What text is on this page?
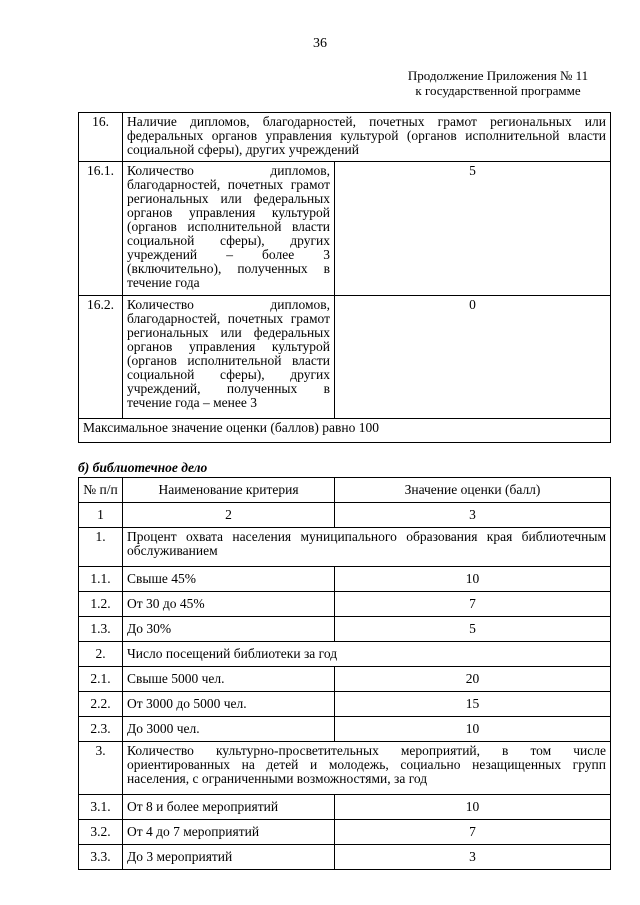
36
Продолжение Приложения № 11
к государственной программе
16.	Наличие дипломов, благодарностей, почетных грамот региональных или федеральных органов управления культурой (органов исполнительной власти социальной сферы), других учреждений	
16.1.	Количество дипломов, благодарностей, почетных грамот региональных или федеральных органов управления культурой (органов исполнительной власти социальной сферы), других учреждений – более 3 (включительно), полученных в течение года	5
16.2.	Количество дипломов, благодарностей, почетных грамот региональных или федеральных органов управления культурой (органов исполнительной власти социальной сферы), других учреждений, полученных в течение года – менее 3	0
Максимальное значение оценки (баллов) равно 100		
б) библиотечное дело
№ п/п	Наименование критерия	Значение оценки (балл)
1	2	3
1.	Процент охвата населения муниципального образования края библиотечным обслуживанием	
1.1.	Свыше 45%	10
1.2.	От 30 до 45%	7
1.3.	До 30%	5
2.	Число посещений библиотеки за год	
2.1.	Свыше 5000 чел.	20
2.2.	От 3000 до 5000 чел.	15
2.3.	До 3000 чел.	10
3.	Количество культурно-просветительных мероприятий, в том числе ориентированных на детей и молодежь, социально незащищенных групп населения, с ограниченными возможностями, за год	
3.1.	От 8 и более мероприятий	10
3.2.	От 4 до 7 мероприятий	7
3.3.	До 3 мероприятий	3
